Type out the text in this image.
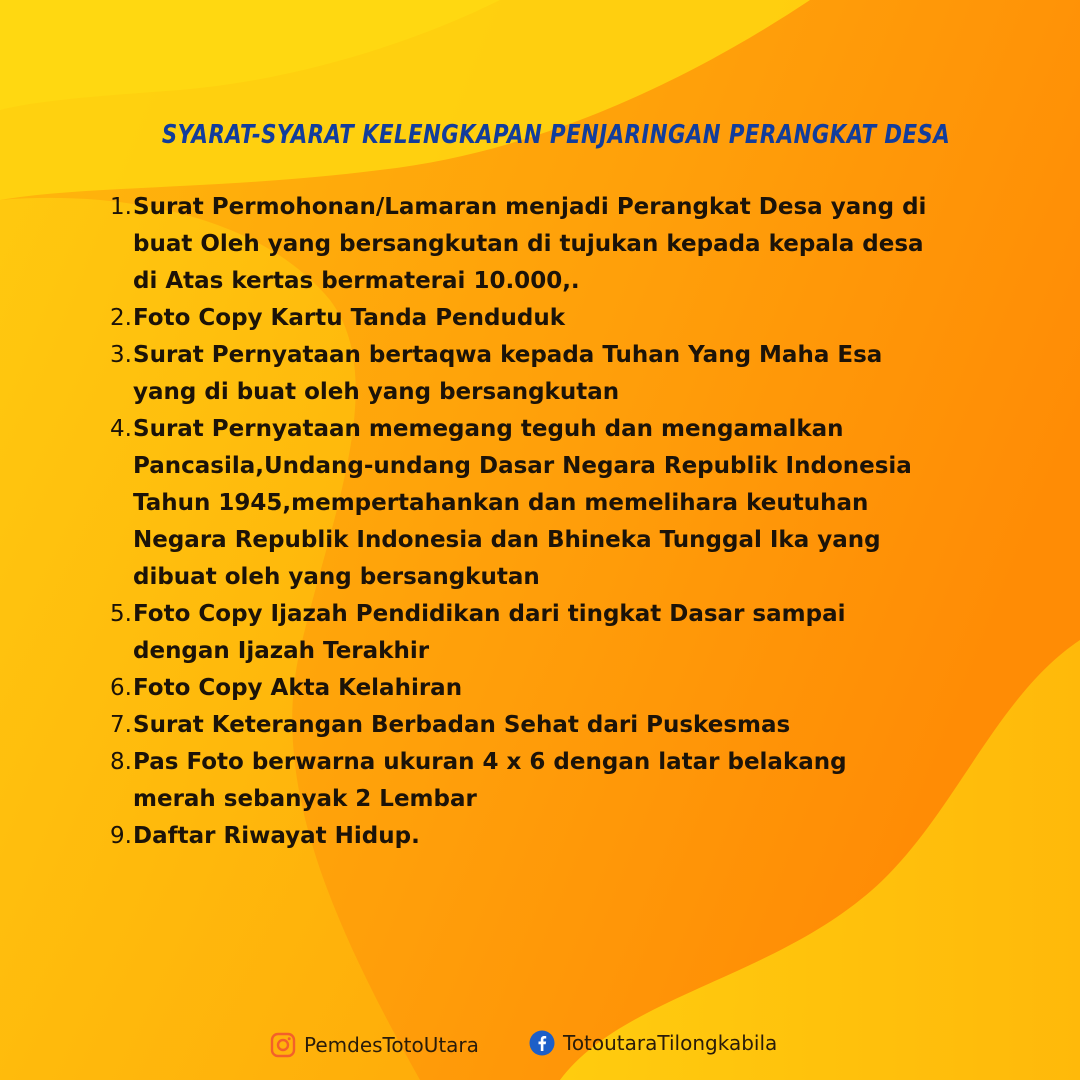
SYARAT-SYARAT KELENGKAPAN PENJARINGAN PERANGKAT DESA
1. Surat Permohonan/Lamaran menjadi Perangkat Desa yang di
buat Oleh yang bersangkutan di tujukan kepada kepala desa
di Atas kertas bermaterai 10.000,.
2. Foto Copy Kartu Tanda Penduduk
3. Surat Pernyataan bertaqwa kepada Tuhan Yang Maha Esa
yang di buat oleh yang bersangkutan
4. Surat Pernyataan memegang teguh dan mengamalkan
Pancasila,Undang-undang Dasar Negara Republik Indonesia
Tahun 1945,mempertahankan dan memelihara keutuhan
Negara Republik Indonesia dan Bhineka Tunggal Ika yang
dibuat oleh yang bersangkutan
5. Foto Copy Ijazah Pendidikan dari tingkat Dasar sampai
dengan Ijazah Terakhir
6. Foto Copy Akta Kelahiran
7. Surat Keterangan Berbadan Sehat dari Puskesmas
8. Pas Foto berwarna ukuran 4 x 6 dengan latar belakang
merah sebanyak 2 Lembar
9. Daftar Riwayat Hidup.
PemdesTotoUtara	TotoutaraTilongkabila
